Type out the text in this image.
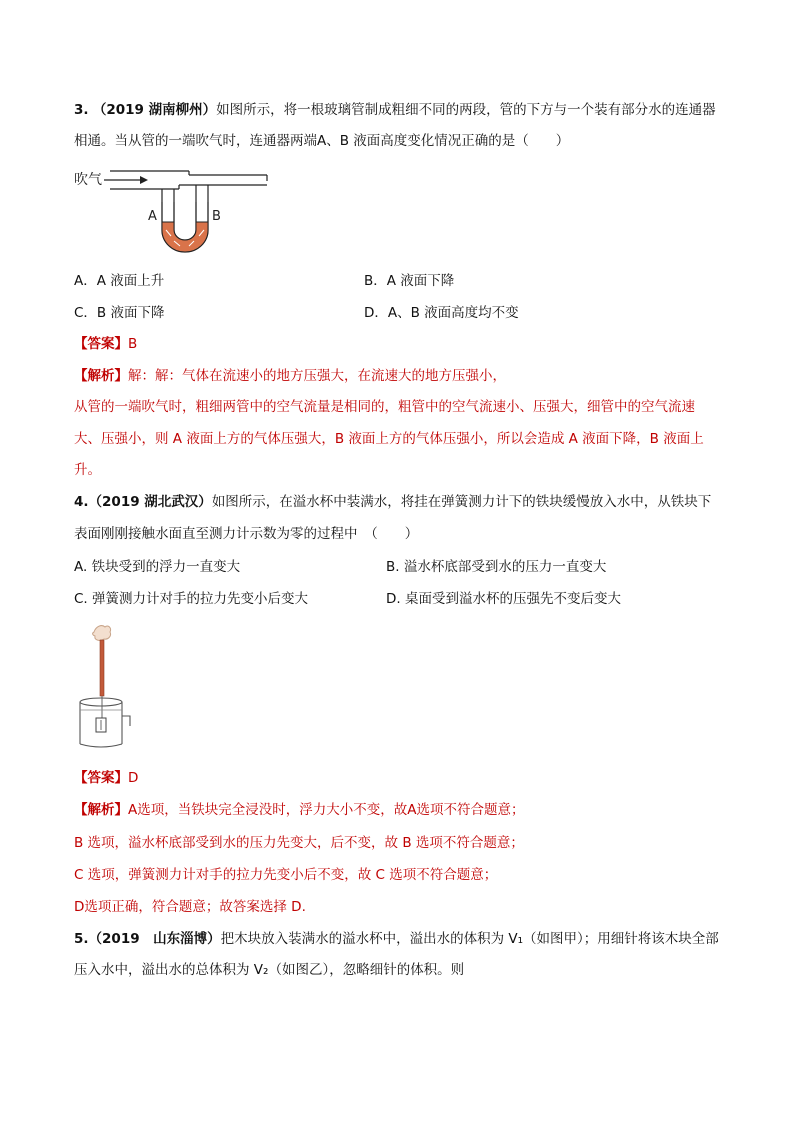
3. （2019 湖南柳州）如图所示，将一根玻璃管制成粗细不同的两段，管的下方与一个装有部分水的连通器
相通。当从管的一端吹气时，连通器两端A、B 液面高度变化情况正确的是（　　）
吹气
A	B
A．A 液面上升	B．A 液面下降
C．B 液面下降	D．A、B 液面高度均不变
【答案】B
【解析】解：解：气体在流速小的地方压强大，在流速大的地方压强小，
从管的一端吹气时，粗细两管中的空气流量是相同的，粗管中的空气流速小、压强大，细管中的空气流速
大、压强小，则 A 液面上方的气体压强大，B 液面上方的气体压强小，所以会造成 A 液面下降，B 液面上
升。
4.（2019 湖北武汉）如图所示，在溢水杯中装满水，将挂在弹簧测力计下的铁块缓慢放入水中，从铁块下
表面刚刚接触水面直至测力计示数为零的过程中　（　　）
A. 铁块受到的浮力一直变大	B. 溢水杯底部受到水的压力一直变大
C. 弹簧测力计对手的拉力先变小后变大	D. 桌面受到溢水杯的压强先不变后变大
【答案】D
【解析】A选项，当铁块完全浸没时，浮力大小不变，故A选项不符合题意；
B 选项，溢水杯底部受到水的压力先变大，后不变，故 B 选项不符合题意；
C 选项，弹簧测力计对手的拉力先变小后不变，故 C 选项不符合题意；
D选项正确，符合题意；故答案选择 D.
5.（2019　山东淄博）把木块放入装满水的溢水杯中，溢出水的体积为 V₁（如图甲）；用细针将该木块全部
压入水中，溢出水的总体积为 V₂（如图乙），忽略细针的体积。则
